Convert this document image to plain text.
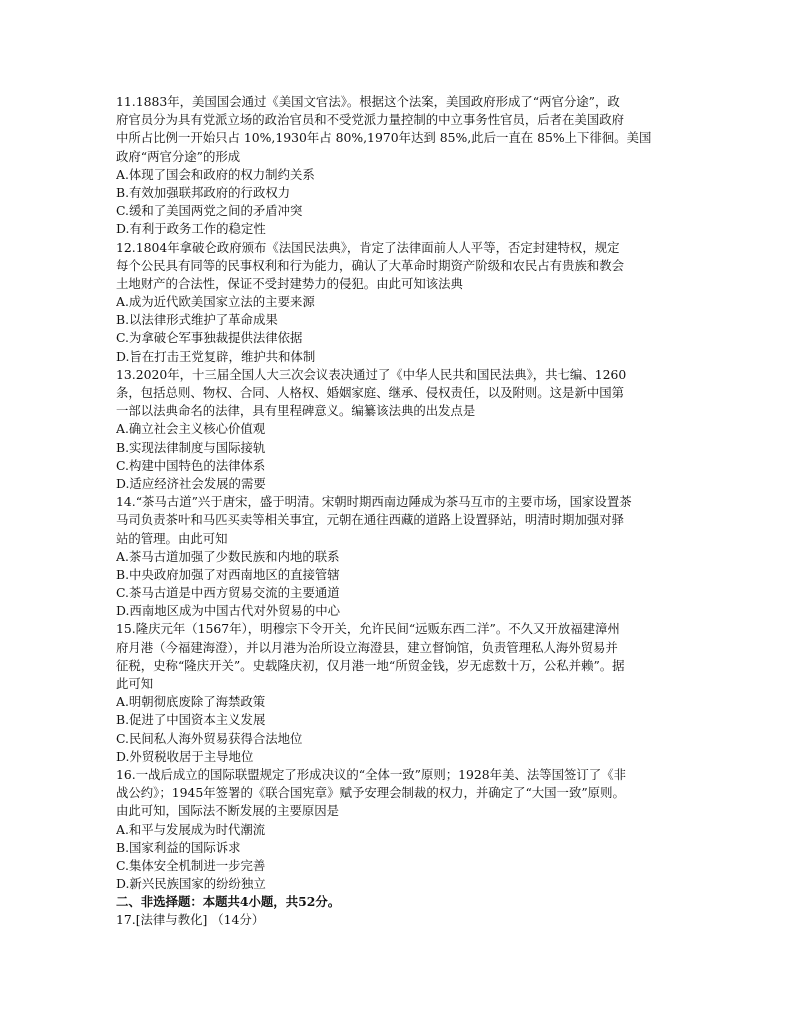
11.1883年，美国国会通过《美国文官法》。根据这个法案，美国政府形成了“两官分途”，政
府官员分为具有党派立场的政治官员和不受党派力量控制的中立事务性官员，后者在美国政府
中所占比例一开始只占 10%,1930年占 80%,1970年达到 85%,此后一直在 85%上下徘徊。美国
政府“两官分途”的形成
A.体现了国会和政府的权力制约关系
B.有效加强联邦政府的行政权力
C.缓和了美国两党之间的矛盾冲突
D.有利于政务工作的稳定性
12.1804年拿破仑政府颁布《法国民法典》，肯定了法律面前人人平等，否定封建特权，规定
每个公民具有同等的民事权利和行为能力，确认了大革命时期资产阶级和农民占有贵族和教会
土地财产的合法性，保证不受封建势力的侵犯。由此可知该法典
A.成为近代欧美国家立法的主要来源
B.以法律形式维护了革命成果
C.为拿破仑军事独裁提供法律依据
D.旨在打击王党复辟，维护共和体制
13.2020年，十三届全国人大三次会议表决通过了《中华人民共和国民法典》，共七编、1260
条，包括总则、物权、合同、人格权、婚姻家庭、继承、侵权责任，以及附则。这是新中国第
一部以法典命名的法律，具有里程碑意义。编纂该法典的出发点是
A.确立社会主义核心价值观
B.实现法律制度与国际接轨
C.构建中国特色的法律体系
D.适应经济社会发展的需要
14.“茶马古道”兴于唐宋，盛于明清。宋朝时期西南边陲成为茶马互市的主要市场，国家设置茶
马司负责茶叶和马匹买卖等相关事宜，元朝在通往西藏的道路上设置驿站，明清时期加强对驿
站的管理。由此可知
A.茶马古道加强了少数民族和内地的联系
B.中央政府加强了对西南地区的直接管辖
C.茶马古道是中西方贸易交流的主要通道
D.西南地区成为中国古代对外贸易的中心
15.隆庆元年（1567年），明穆宗下令开关，允许民间“远贩东西二洋”。不久又开放福建漳州
府月港（今福建海澄），并以月港为治所设立海澄县，建立督饷馆，负责管理私人海外贸易并
征税，史称“隆庆开关”。史载隆庆初，仅月港一地“所贸金钱，岁无虑数十万，公私并赖”。据
此可知
A.明朝彻底废除了海禁政策
B.促进了中国资本主义发展
C.民间私人海外贸易获得合法地位
D.外贸税收居于主导地位
16.一战后成立的国际联盟规定了形成决议的“全体一致”原则；1928年美、法等国签订了《非
战公约》；1945年签署的《联合国宪章》赋予安理会制裁的权力，并确定了“大国一致”原则。
由此可知，国际法不断发展的主要原因是
A.和平与发展成为时代潮流
B.国家利益的国际诉求
C.集体安全机制进一步完善
D.新兴民族国家的纷纷独立
二、非选择题：本题共4小题，共52分。
17.[法律与教化] （14分）
